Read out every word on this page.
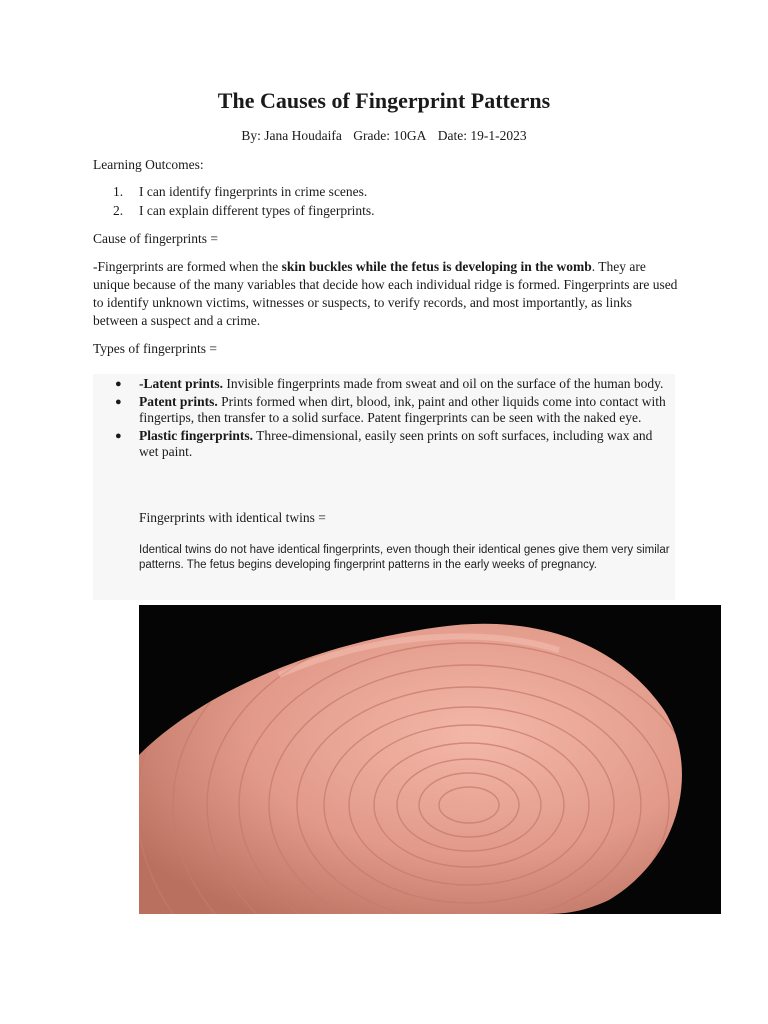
The Causes of Fingerprint Patterns
By: Jana Houdaifa Grade: 10GA Date: 19-1-2023

Learning Outcomes:

1. I can identify fingerprints in crime scenes.
2. I can explain different types of fingerprints.

Cause of fingerprints =

-Fingerprints are formed when the skin buckles while the fetus is developing in the womb. They are unique because of the many variables that decide how each individual ridge is formed. Fingerprints are used to identify unknown victims, witnesses or suspects, to verify records, and most importantly, as links between a suspect and a crime.

Types of fingerprints =

● -Latent prints. Invisible fingerprints made from sweat and oil on the surface of the human body.
● Patent prints. Prints formed when dirt, blood, ink, paint and other liquids come into contact with fingertips, then transfer to a solid surface. Patent fingerprints can be seen with the naked eye.
● Plastic fingerprints. Three-dimensional, easily seen prints on soft surfaces, including wax and wet paint.
Fingerprints with identical twins =
Identical twins do not have identical fingerprints, even though their identical genes give them very similar patterns. The fetus begins developing fingerprint patterns in the early weeks of pregnancy.
